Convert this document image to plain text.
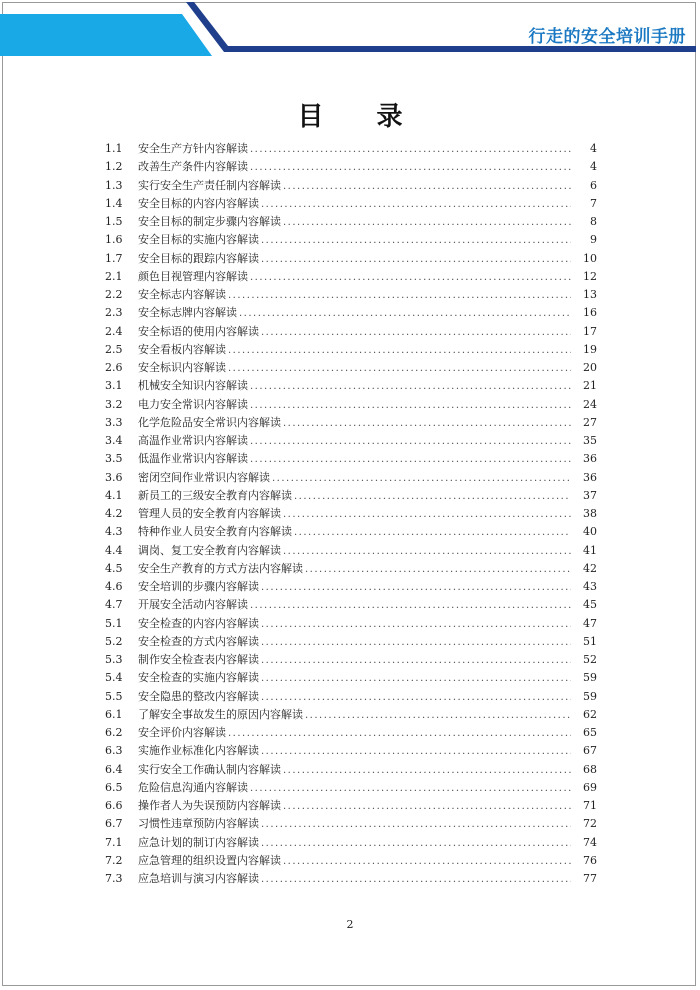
行走的安全培训手册
目 录
1.1	安全生产方针内容解读 .....	4
1.2	改善生产条件内容解读 .....	4
1.3	实行安全生产责任制内容解读 .....	6
1.4	安全目标的内容内容解读 .....	7
1.5	安全目标的制定步骤内容解读 .....	8
1.6	安全目标的实施内容解读 .....	9
1.7	安全目标的跟踪内容解读 .....	10
2.1	颜色目视管理内容解读 .....	12
2.2	安全标志内容解读 .....	13
2.3	安全标志牌内容解读 .....	16
2.4	安全标语的使用内容解读 .....	17
2.5	安全看板内容解读 .....	19
2.6	安全标识内容解读 .....	20
3.1	机械安全知识内容解读 .....	21
3.2	电力安全常识内容解读 .....	24
3.3	化学危险品安全常识内容解读 .....	27
3.4	高温作业常识内容解读 .....	35
3.5	低温作业常识内容解读 .....	36
3.6	密闭空间作业常识内容解读 .....	36
4.1	新员工的三级安全教育内容解读 .....	37
4.2	管理人员的安全教育内容解读 .....	38
4.3	特种作业人员安全教育内容解读 .....	40
4.4	调岗、复工安全教育内容解读 .....	41
4.5	安全生产教育的方式方法内容解读 .....	42
4.6	安全培训的步骤内容解读 .....	43
4.7	开展安全活动内容解读 .....	45
5.1	安全检查的内容内容解读 .....	47
5.2	安全检查的方式内容解读 .....	51
5.3	制作安全检查表内容解读 .....	52
5.4	安全检查的实施内容解读 .....	59
5.5	安全隐患的整改内容解读 .....	59
6.1	了解安全事故发生的原因内容解读 .....	62
6.2	安全评价内容解读 .....	65
6.3	实施作业标准化内容解读 .....	67
6.4	实行安全工作确认制内容解读 .....	68
6.5	危险信息沟通内容解读 .....	69
6.6	操作者人为失误预防内容解读 .....	71
6.7	习惯性违章预防内容解读 .....	72
7.1	应急计划的制订内容解读 .....	74
7.2	应急管理的组织设置内容解读 .....	76
7.3	应急培训与演习内容解读 .....	77
2
